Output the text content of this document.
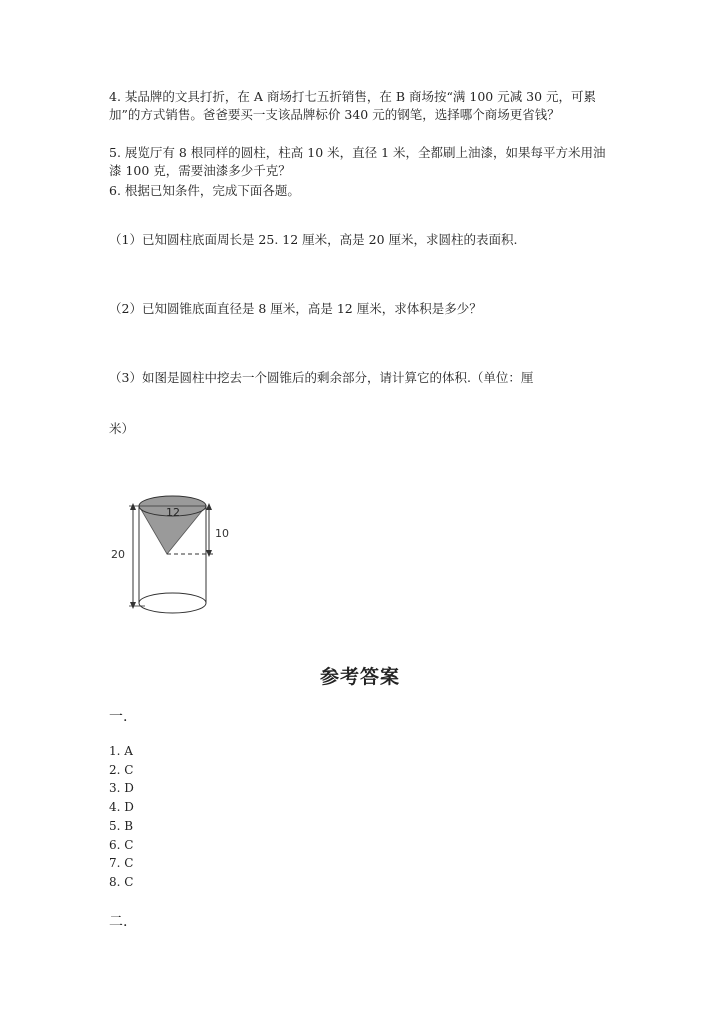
4. 某品牌的文具打折，在 A 商场打七五折销售，在 B 商场按“满 100 元减 30 元，可累加”的方式销售。爸爸要买一支该品牌标价 340 元的钢笔，选择哪个商场更省钱？

5. 展览厅有 8 根同样的圆柱，柱高 10 米，直径 1 米，全都刷上油漆，如果每平方米用油漆 100 克，需要油漆多少千克？

6. 根据已知条件，完成下面各题。

（1）已知圆柱底面周长是 25. 12 厘米，高是 20 厘米，求圆柱的表面积.

（2）已知圆锥底面直径是 8 厘米，高是 12 厘米，求体积是多少？

（3）如图是圆柱中挖去一个圆锥后的剩余部分，请计算它的体积.（单位：厘

米）

20
12
10
参考答案
一.
1. A
2. C
3. D
4. D
5. B
6. C
7. C
8. C
二.
